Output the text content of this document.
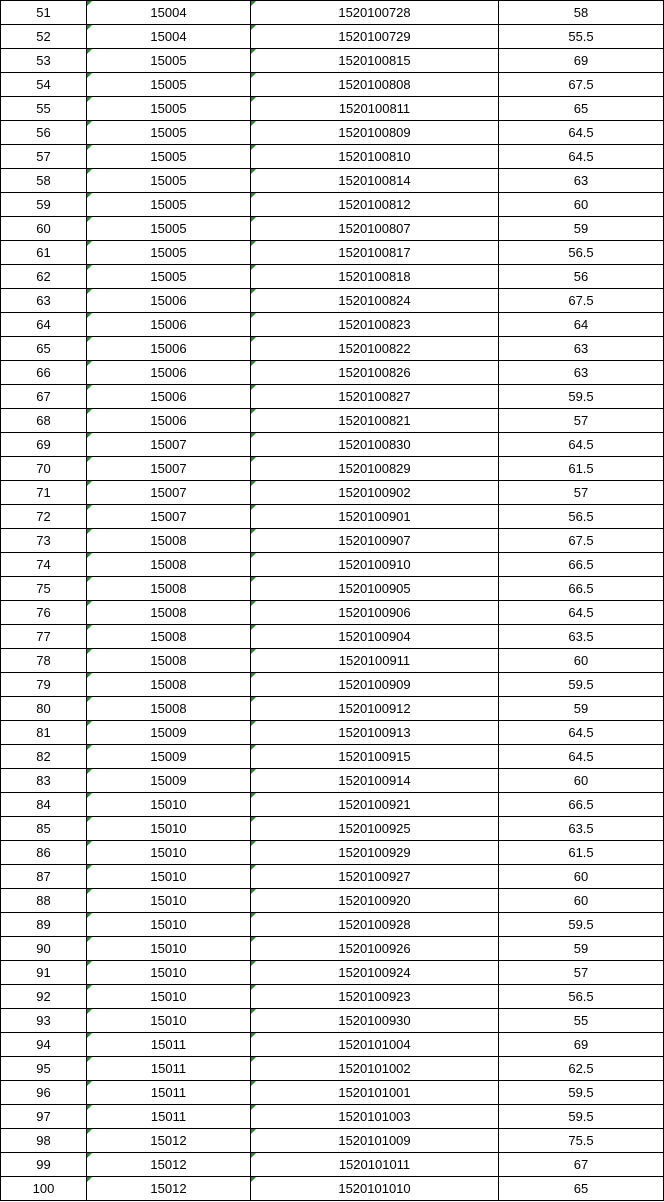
51	15004	1520100728	58
52	15004	1520100729	55.5
53	15005	1520100815	69
54	15005	1520100808	67.5
55	15005	1520100811	65
56	15005	1520100809	64.5
57	15005	1520100810	64.5
58	15005	1520100814	63
59	15005	1520100812	60
60	15005	1520100807	59
61	15005	1520100817	56.5
62	15005	1520100818	56
63	15006	1520100824	67.5
64	15006	1520100823	64
65	15006	1520100822	63
66	15006	1520100826	63
67	15006	1520100827	59.5
68	15006	1520100821	57
69	15007	1520100830	64.5
70	15007	1520100829	61.5
71	15007	1520100902	57
72	15007	1520100901	56.5
73	15008	1520100907	67.5
74	15008	1520100910	66.5
75	15008	1520100905	66.5
76	15008	1520100906	64.5
77	15008	1520100904	63.5
78	15008	1520100911	60
79	15008	1520100909	59.5
80	15008	1520100912	59
81	15009	1520100913	64.5
82	15009	1520100915	64.5
83	15009	1520100914	60
84	15010	1520100921	66.5
85	15010	1520100925	63.5
86	15010	1520100929	61.5
87	15010	1520100927	60
88	15010	1520100920	60
89	15010	1520100928	59.5
90	15010	1520100926	59
91	15010	1520100924	57
92	15010	1520100923	56.5
93	15010	1520100930	55
94	15011	1520101004	69
95	15011	1520101002	62.5
96	15011	1520101001	59.5
97	15011	1520101003	59.5
98	15012	1520101009	75.5
99	15012	1520101011	67
100	15012	1520101010	65
